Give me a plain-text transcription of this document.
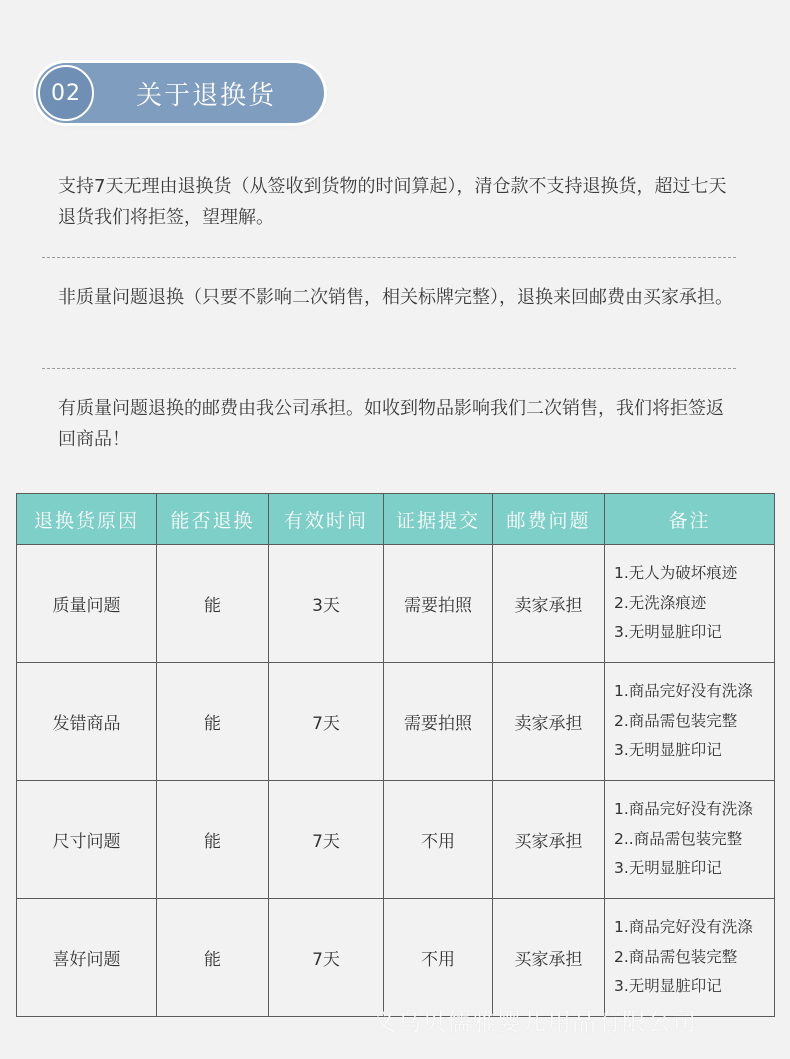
02	关于退换货
支持7天无理由退换货（从签收到货物的时间算起），清仓款不支持退换货，超过七天退货我们将拒签，望理解。
非质量问题退换（只要不影响二次销售，相关标牌完整），退换来回邮费由买家承担。
有质量问题退换的邮费由我公司承担。如收到物品影响我们二次销售，我们将拒签返回商品！
退换货原因	能否退换	有效时间	证据提交	邮费问题	备注
质量问题	能	3天	需要拍照	卖家承担	1.无人为破坏痕迹
2.无洗涤痕迹
3.无明显脏印记

发错商品	能	7天	需要拍照	卖家承担	1.商品完好没有洗涤
2.商品需包装完整
3.无明显脏印记

尺寸问题	能	7天	不用	买家承担	1.商品完好没有洗涤
2..商品需包装完整
3.无明显脏印记

喜好问题	能	7天	不用	买家承担	1.商品完好没有洗涤
2.商品需包装完整
3.无明显脏印记
义乌贝儒雅婴儿用品有限公司
